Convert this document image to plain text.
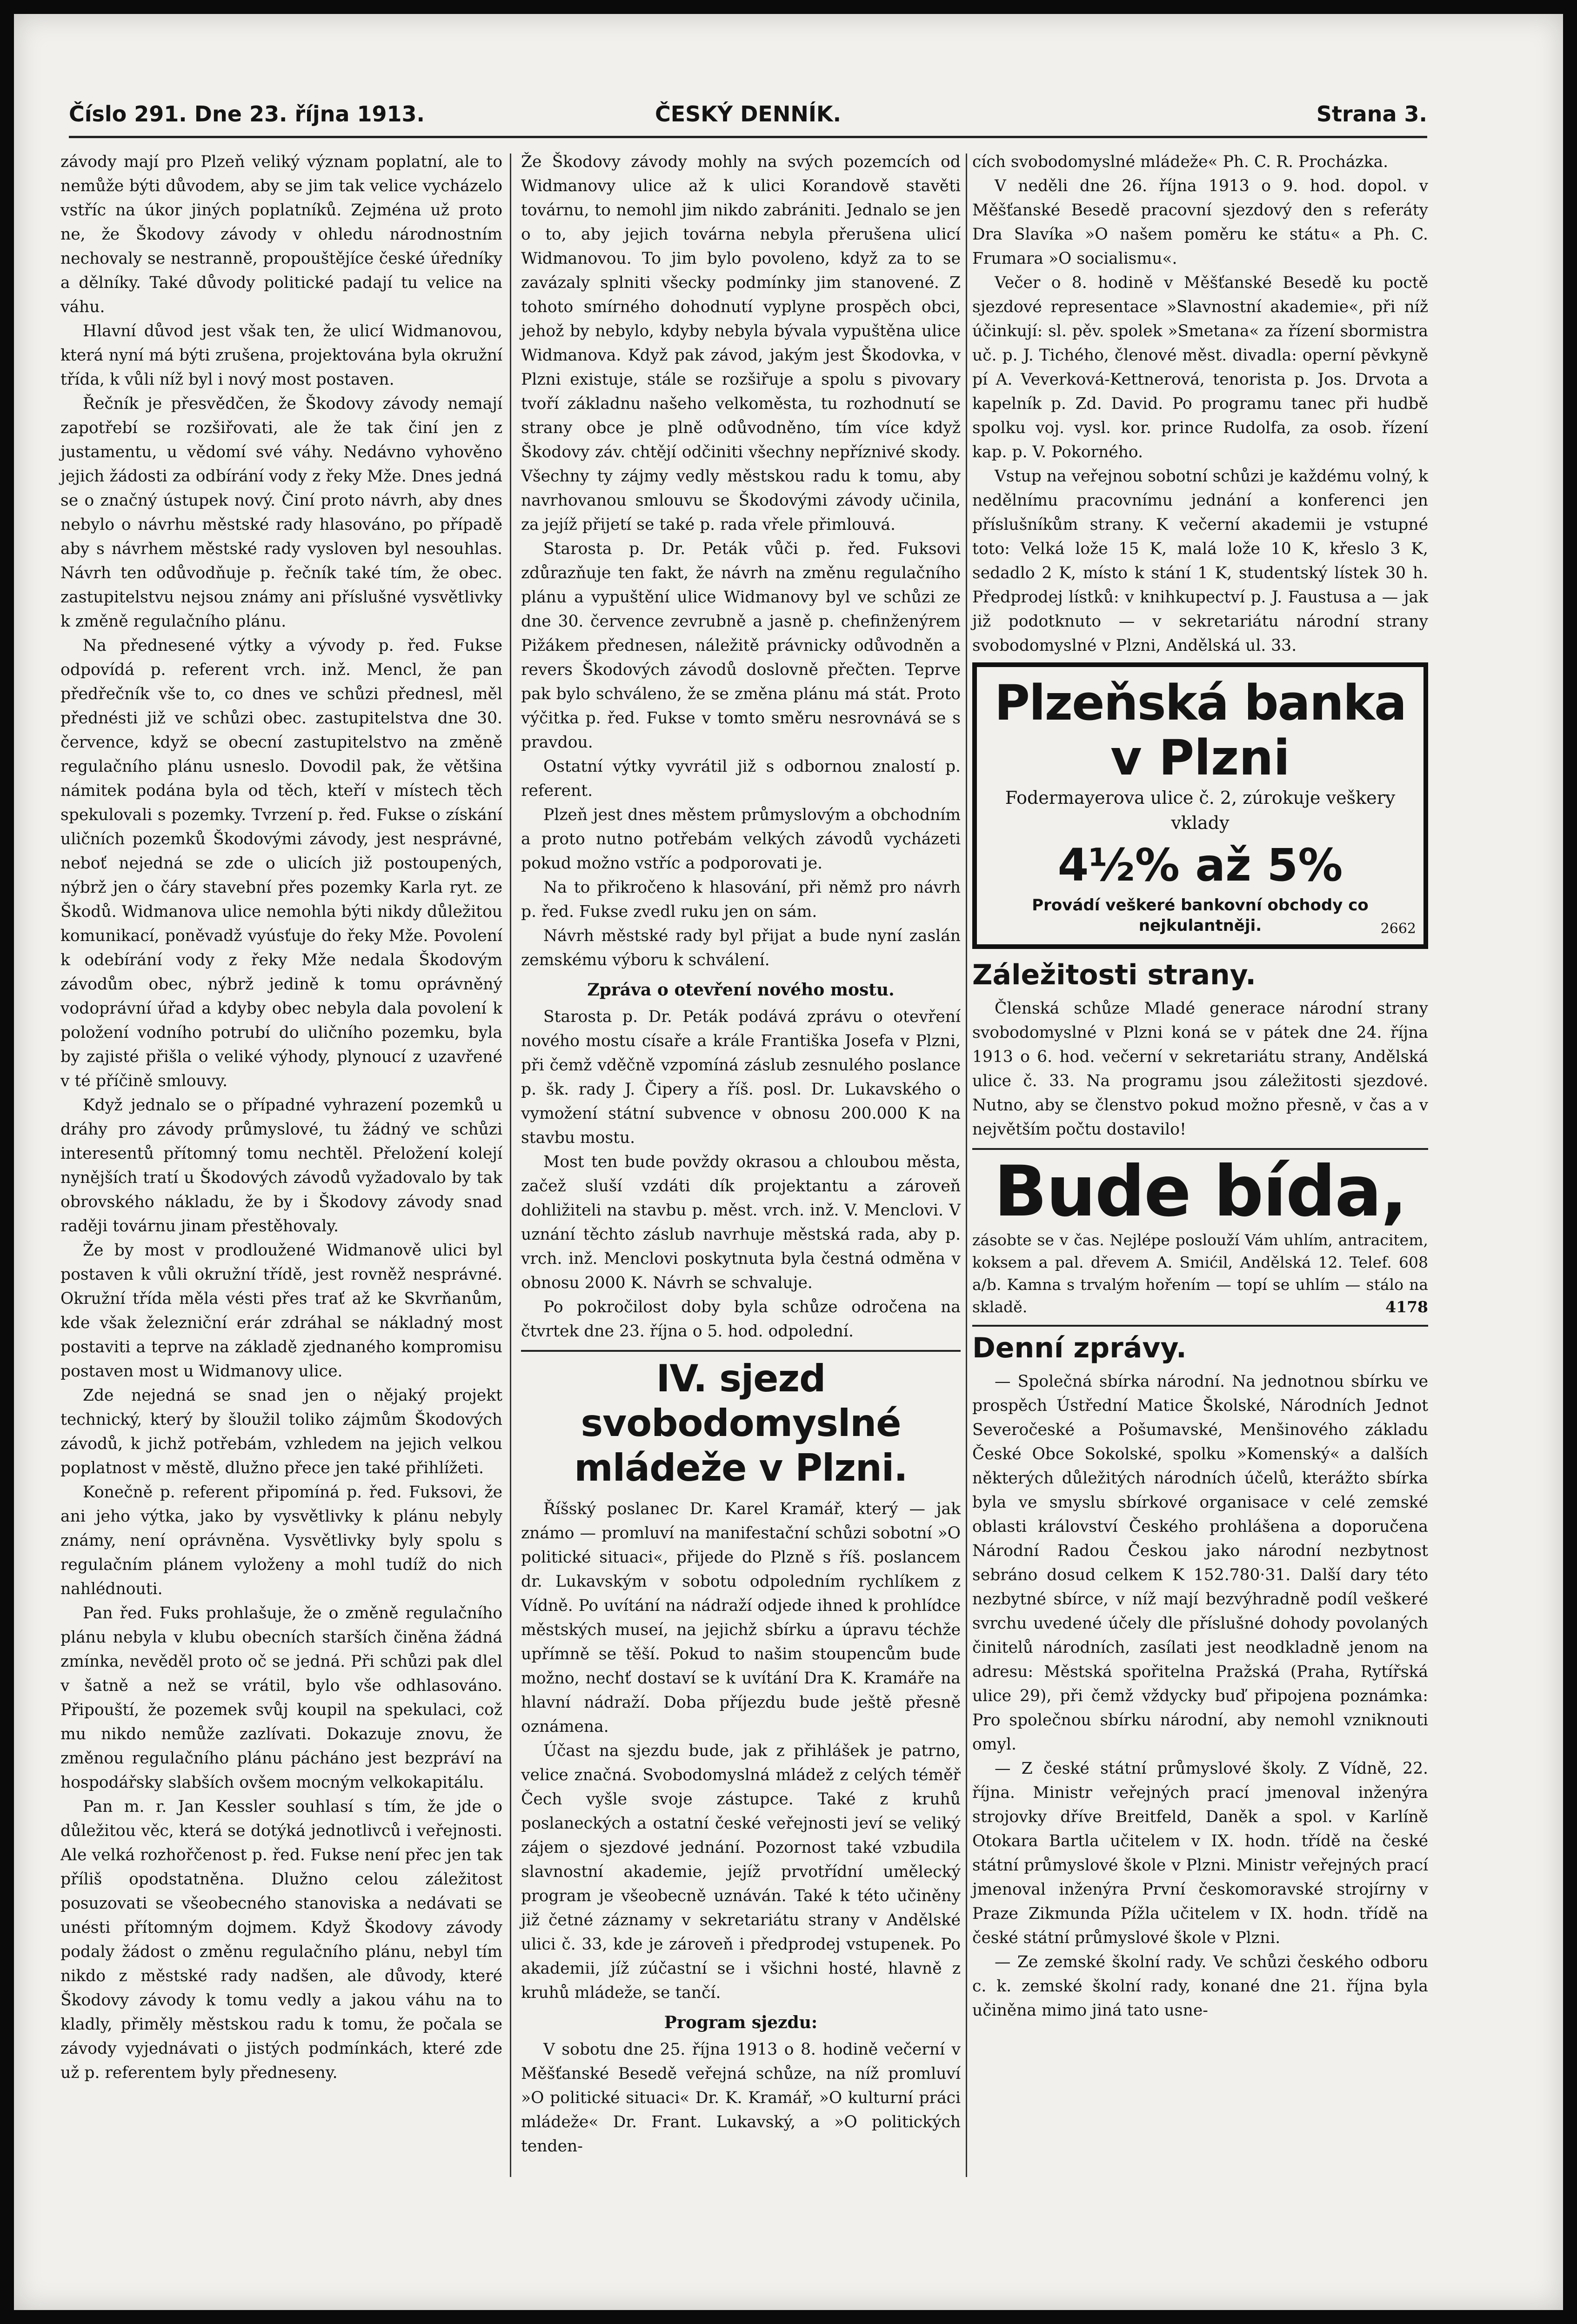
Číslo 291. Dne 23. října 1913.	ČESKÝ DENNÍK.	Strana 3.

závody mají pro Plzeň veliký význam poplatní, ale to nemůže býti důvodem, aby se jim tak velice vycházelo vstříc na úkor jiných poplatníků. Zejména už proto ne, že Škodovy závody v ohledu národnostním nechovaly se nestranně, propouštějíce české úředníky a dělníky. Také důvody politické padají tu velice na váhu.

Hlavní důvod jest však ten, že ulicí Widmanovou, která nyní má býti zrušena, projektována byla okružní třída, k vůli níž byl i nový most postaven.

Řečník je přesvědčen, že Škodovy závody nemají zapotřebí se rozšiřovati, ale že tak činí jen z justamentu, u vědomí své váhy. Nedávno vyhověno jejich žádosti za odbírání vody z řeky Mže. Dnes jedná se o značný ústupek nový. Činí proto návrh, aby dnes nebylo o návrhu městské rady hlasováno, po případě aby s návrhem městské rady vysloven byl nesouhlas. Návrh ten odůvodňuje p. řečník také tím, že obec. zastupitelstvu nejsou známy ani příslušné vysvětlivky k změně regulačního plánu.

Na přednesené výtky a vývody p. řed. Fukse odpovídá p. referent vrch. inž. Mencl, že pan předřečník vše to, co dnes ve schůzi přednesl, měl přednésti již ve schůzi obec. zastupitelstva dne 30. července, když se obecní zastupitelstvo na změně regulačního plánu usneslo. Dovodil pak, že většina námitek podána byla od těch, kteří v místech těch spekulovali s pozemky. Tvrzení p. řed. Fukse o získání uličních pozemků Škodovými závody, jest nesprávné, neboť nejedná se zde o ulicích již postoupených, nýbrž jen o čáry stavební přes pozemky Karla ryt. ze Škodů. Widmanova ulice nemohla býti nikdy důležitou komunikací, poněvadž vyúsťuje do řeky Mže. Povolení k odebírání vody z řeky Mže nedala Škodovým závodům obec, nýbrž jedině k tomu oprávněný vodoprávní úřad a kdyby obec nebyla dala povolení k položení vodního potrubí do uličního pozemku, byla by zajisté přišla o veliké výhody, plynoucí z uzavřené v té příčině smlouvy.

Když jednalo se o případné vyhrazení pozemků u dráhy pro závody průmyslové, tu žádný ve schůzi interesentů přítomný tomu nechtěl. Přeložení kolejí nynějších tratí u Škodových závodů vyžadovalo by tak obrovského nákladu, že by i Škodovy závody snad raději továrnu jinam přestěhovaly.

Že by most v prodloužené Widmanově ulici byl postaven k vůli okružní třídě, jest rovněž nesprávné. Okružní třída měla vésti přes trať až ke Skvrňanům, kde však železniční erár zdráhal se nákladný most postaviti a teprve na základě zjednaného kompromisu postaven most u Widmanovy ulice.

Zde nejedná se snad jen o nějaký projekt technický, který by šloužil toliko zájmům Škodových závodů, k jichž potřebám, vzhledem na jejich velkou poplatnost v městě, dlužno přece jen také přihlížeti.

Konečně p. referent připomíná p. řed. Fuksovi, že ani jeho výtka, jako by vysvětlivky k plánu nebyly známy, není oprávněna. Vysvětlivky byly spolu s regulačním plánem vyloženy a mohl tudíž do nich nahlédnouti.

Pan řed. Fuks prohlašuje, že o změně regulačního plánu nebyla v klubu obecních starších činěna žádná zmínka, nevěděl proto oč se jedná. Při schůzi pak dlel v šatně a než se vrátil, bylo vše odhlasováno. Připouští, že pozemek svůj koupil na spekulaci, což mu nikdo nemůže zazlívati. Dokazuje znovu, že změnou regulačního plánu pácháno jest bezpráví na hospodářsky slabších ovšem mocným velkokapitálu.

Pan m. r. Jan Kessler souhlasí s tím, že jde o důležitou věc, která se dotýká jednotlivců i veřejnosti. Ale velká rozhořčenost p. řed. Fukse není přec jen tak příliš opodstatněna. Dlužno celou záležitost posuzovati se všeobecného stanoviska a nedávati se unésti přítomným dojmem. Když Škodovy závody podaly žádost o změnu regulačního plánu, nebyl tím nikdo z městské rady nadšen, ale důvody, které Škodovy závody k tomu vedly a jakou váhu na to kladly, přiměly městskou radu k tomu, že počala se závody vyjednávati o jistých podmínkách, které zde už p. referentem byly předneseny.

Že Škodovy závody mohly na svých pozemcích od Widmanovy ulice až k ulici Korandově stavěti továrnu, to nemohl jim nikdo zabrániti. Jednalo se jen o to, aby jejich továrna nebyla přerušena ulicí Widmanovou. To jim bylo povoleno, když za to se zavázaly splniti všecky podmínky jim stanovené. Z tohoto smírného dohodnutí vyplyne prospěch obci, jehož by nebylo, kdyby nebyla bývala vypuštěna ulice Widmanova. Když pak závod, jakým jest Škodovka, v Plzni existuje, stále se rozšiřuje a spolu s pivovary tvoří základnu našeho velkoměsta, tu rozhodnutí se strany obce je plně odůvodněno, tím více když Škodovy záv. chtějí odčiniti všechny nepříznivé skody. Všechny ty zájmy vedly městskou radu k tomu, aby navrhovanou smlouvu se Škodovými závody učinila, za jejíž přijetí se také p. rada vřele přimlouvá.

Starosta p. Dr. Peták vůči p. řed. Fuksovi zdůrazňuje ten fakt, že návrh na změnu regulačního plánu a vypuštění ulice Widmanovy byl ve schůzi ze dne 30. července zevrubně a jasně p. chefinženýrem Pižákem přednesen, náležitě právnicky odůvodněn a revers Škodových závodů doslovně přečten. Teprve pak bylo schváleno, že se změna plánu má stát. Proto výčitka p. řed. Fukse v tomto směru nesrovnává se s pravdou.

Ostatní výtky vyvrátil již s odbornou znalostí p. referent.

Plzeň jest dnes městem průmyslovým a obchodním a proto nutno potřebám velkých závodů vycházeti pokud možno vstříc a podporovati je.

Na to přikročeno k hlasování, při němž pro návrh p. řed. Fukse zvedl ruku jen on sám.

Návrh městské rady byl přijat a bude nyní zaslán zemskému výboru k schválení.

Zpráva o otevření nového mostu.

Starosta p. Dr. Peták podává zprávu o otevření nového mostu císaře a krále Františka Josefa v Plzni, při čemž vděčně vzpomíná záslub zesnulého poslance p. šk. rady J. Čipery a říš. posl. Dr. Lukavského o vymožení státní subvence v obnosu 200.000 K na stavbu mostu.

Most ten bude povždy okrasou a chloubou města, začež sluší vzdáti dík projektantu a zároveň dohližiteli na stavbu p. měst. vrch. inž. V. Menclovi. V uznání těchto záslub navrhuje městská rada, aby p. vrch. inž. Menclovi poskytnuta byla čestná odměna v obnosu 2000 K. Návrh se schvaluje.

Po pokročilost doby byla schůze odročena na čtvrtek dne 23. října o 5. hod. odpolední.

IV. sjezd svobodomyslné mládeže v Plzni.

Říšský poslanec Dr. Karel Kramář, který — jak známo — promluví na manifestační schůzi sobotní »O politické situaci«, přijede do Plzně s říš. poslancem dr. Lukavským v sobotu odpoledním rychlíkem z Vídně. Po uvítání na nádraží odjede ihned k prohlídce městských museí, na jejichž sbírku a úpravu téchže upřímně se těší. Pokud to našim stoupencům bude možno, nechť dostaví se k uvítání Dra K. Kramáře na hlavní nádraží. Doba příjezdu bude ještě přesně oznámena.

Účast na sjezdu bude, jak z přihlášek je patrno, velice značná. Svobodomyslná mládež z celých téměř Čech vyšle svoje zástupce. Také z kruhů poslaneckých a ostatní české veřejnosti jeví se veliký zájem o sjezdové jednání. Pozornost také vzbudila slavnostní akademie, jejíž prvotřídní umělecký program je všeobecně uznáván. Také k této učiněny již četné záznamy v sekretariátu strany v Andělské ulici č. 33, kde je zároveň i předprodej vstupenek. Po akademii, jíž zúčastní se i všichni hosté, hlavně z kruhů mládeže, se tančí.

Program sjezdu:

V sobotu dne 25. října 1913 o 8. hodině večerní v Měšťanské Besedě veřejná schůze, na níž promluví »O politické situaci« Dr. K. Kramář, »O kulturní práci mládeže« Dr. Frant. Lukavský, a »O politických tenden-

cích svobodomyslné mládeže« Ph. C. R. Procházka.

V neděli dne 26. října 1913 o 9. hod. dopol. v Měšťanské Besedě pracovní sjezdový den s referáty Dra Slavíka »O našem poměru ke státu« a Ph. C. Frumara »O socialismu«.

Večer o 8. hodině v Měšťanské Besedě ku poctě sjezdové representace »Slavnostní akademie«, při níž účinkují: sl. pěv. spolek »Smetana« za řízení sbormistra uč. p. J. Tichého, členové měst. divadla: operní pěvkyně pí A. Veverková-Kettnerová, tenorista p. Jos. Drvota a kapelník p. Zd. David. Po programu tanec při hudbě spolku voj. vysl. kor. prince Rudolfa, za osob. řízení kap. p. V. Pokorného.

Vstup na veřejnou sobotní schůzi je každému volný, k nedělnímu pracovnímu jednání a konferenci jen příslušníkům strany. K večerní akademii je vstupné toto: Velká lože 15 K, malá lože 10 K, křeslo 3 K, sedadlo 2 K, místo k stání 1 K, studentský lístek 30 h. Předprodej lístků: v knihkupectví p. J. Faustusa a — jak již podotknuto — v sekretariátu národní strany svobodomyslné v Plzni, Andělská ul. 33.

Plzeňská banka
v Plzni
Fodermayerova ulice č. 2, zúrokuje veškery vklady
4½% až 5%
Provádí veškeré bankovní obchody co nejkulantněji.	2662
Záležitosti strany.

Členská schůze Mladé generace národní strany svobodomyslné v Plzni koná se v pátek dne 24. října 1913 o 6. hod. večerní v sekretariátu strany, Andělská ulice č. 33. Na programu jsou záležitosti sjezdové. Nutno, aby se členstvo pokud možno přesně, v čas a v největším počtu dostavilo!

Bude bída,
zásobte se v čas. Nejlépe poslouží Vám uhlím, antracitem, koksem a pal. dřevem A. Smićil, Andělská 12. Telef. 608 a/b. Kamna s trvalým hořením — topí se uhlím — stálo na skladě.	4178
Denní zprávy.

— Společná sbírka národní. Na jednotnou sbírku ve prospěch Ústřední Matice Školské, Národních Jednot Severočeské a Pošumavské, Menšinového základu České Obce Sokolské, spolku »Komenský« a dalších některých důležitých národních účelů, kterážto sbírka byla ve smyslu sbírkové organisace v celé zemské oblasti království Českého prohlášena a doporučena Národní Radou Českou jako národní nezbytnost sebráno dosud celkem K 152.780·31. Další dary této nezbytné sbírce, v níž mají bezvýhradně podíl veškeré svrchu uvedené účely dle příslušné dohody povolaných činitelů národních, zasílati jest neodkladně jenom na adresu: Městská spořitelna Pražská (Praha, Rytířská ulice 29), při čemž vždycky buď připojena poznámka: Pro společnou sbírku národní, aby nemohl vzniknouti omyl.

— Z české státní průmyslové školy. Z Vídně, 22. října. Ministr veřejných prací jmenoval inženýra strojovky dříve Breitfeld, Daněk a spol. v Karlíně Otokara Bartla učitelem v IX. hodn. třídě na české státní průmyslové škole v Plzni. Ministr veřejných prací jmenoval inženýra První českomoravské strojírny v Praze Zikmunda Pížla učitelem v IX. hodn. třídě na české státní průmyslové škole v Plzni.

— Ze zemské školní rady. Ve schůzi českého odboru c. k. zemské školní rady, konané dne 21. října byla učiněna mimo jiná tato usne-
